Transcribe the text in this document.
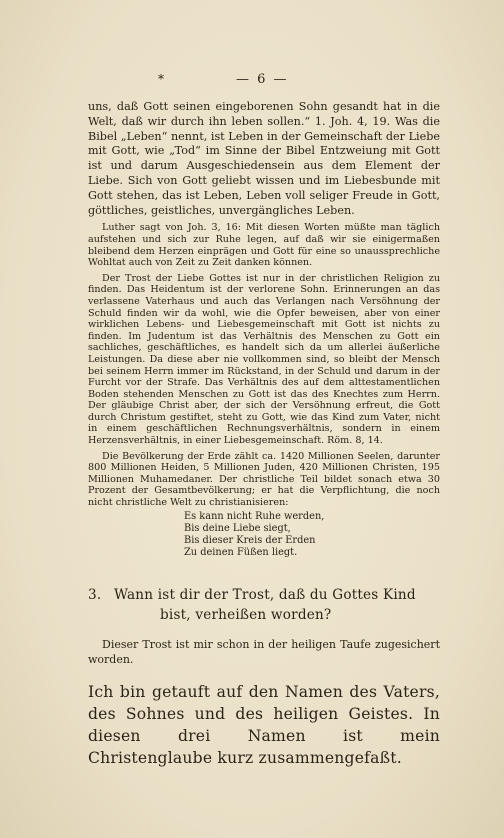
*	— 6 —

uns, daß Gott seinen eingeborenen Sohn gesandt hat in die Welt, daß wir durch ihn leben sollen.“ 1. Joh. 4, 19. Was die Bibel „Leben“ nennt, ist Leben in der Gemeinschaft der Liebe mit Gott, wie „Tod“ im Sinne der Bibel Entzweiung mit Gott ist und darum Ausgeschiedensein aus dem Element der Liebe. Sich von Gott geliebt wissen und im Liebesbunde mit Gott stehen, das ist Leben, Leben voll seliger Freude in Gott, göttliches, geistliches, unvergängliches Leben.

Luther sagt von Joh. 3, 16: Mit diesen Worten müßte man täglich aufstehen und sich zur Ruhe legen, auf daß wir sie einigermaßen bleibend dem Herzen einprägen und Gott für eine so unaussprechliche Wohltat auch von Zeit zu Zeit danken können.

Der Trost der Liebe Gottes ist nur in der christlichen Religion zu finden. Das Heidentum ist der verlorene Sohn. Erinnerungen an das verlassene Vaterhaus und auch das Verlangen nach Versöhnung der Schuld finden wir da wohl, wie die Opfer beweisen, aber von einer wirklichen Lebens- und Liebesgemeinschaft mit Gott ist nichts zu finden. Im Judentum ist das Verhältnis des Menschen zu Gott ein sachliches, geschäftliches, es handelt sich da um allerlei äußerliche Leistungen. Da diese aber nie vollkommen sind, so bleibt der Mensch bei seinem Herrn immer im Rückstand, in der Schuld und darum in der Furcht vor der Strafe. Das Verhältnis des auf dem alttestamentlichen Boden stehenden Menschen zu Gott ist das des Knechtes zum Herrn. Der gläubige Christ aber, der sich der Versöhnung erfreut, die Gott durch Christum gestiftet, steht zu Gott, wie das Kind zum Vater, nicht in einem geschäftlichen Rechnungsverhältnis, sondern in einem Herzensverhältnis, in einer Liebesgemeinschaft. Röm. 8, 14.

Die Bevölkerung der Erde zählt ca. 1420 Millionen Seelen, darunter 800 Millionen Heiden, 5 Millionen Juden, 420 Millionen Christen, 195 Millionen Muhamedaner. Der christliche Teil bildet sonach etwa 30 Prozent der Gesamtbevölkerung; er hat die Verpflichtung, die noch nicht christliche Welt zu christianisieren:

Es kann nicht Ruhe werden,
Bis deine Liebe siegt,
Bis dieser Kreis der Erden
Zu deinen Füßen liegt.
3. Wann ist dir der Trost, daß du Gottes Kind
bist, verheißen worden?

Dieser Trost ist mir schon in der heiligen Taufe zugesichert worden.

Ich bin getauft auf den Namen des Vaters, des Sohnes und des heiligen Geistes. In diesen drei Namen ist mein Christenglaube kurz zusammengefaßt.
